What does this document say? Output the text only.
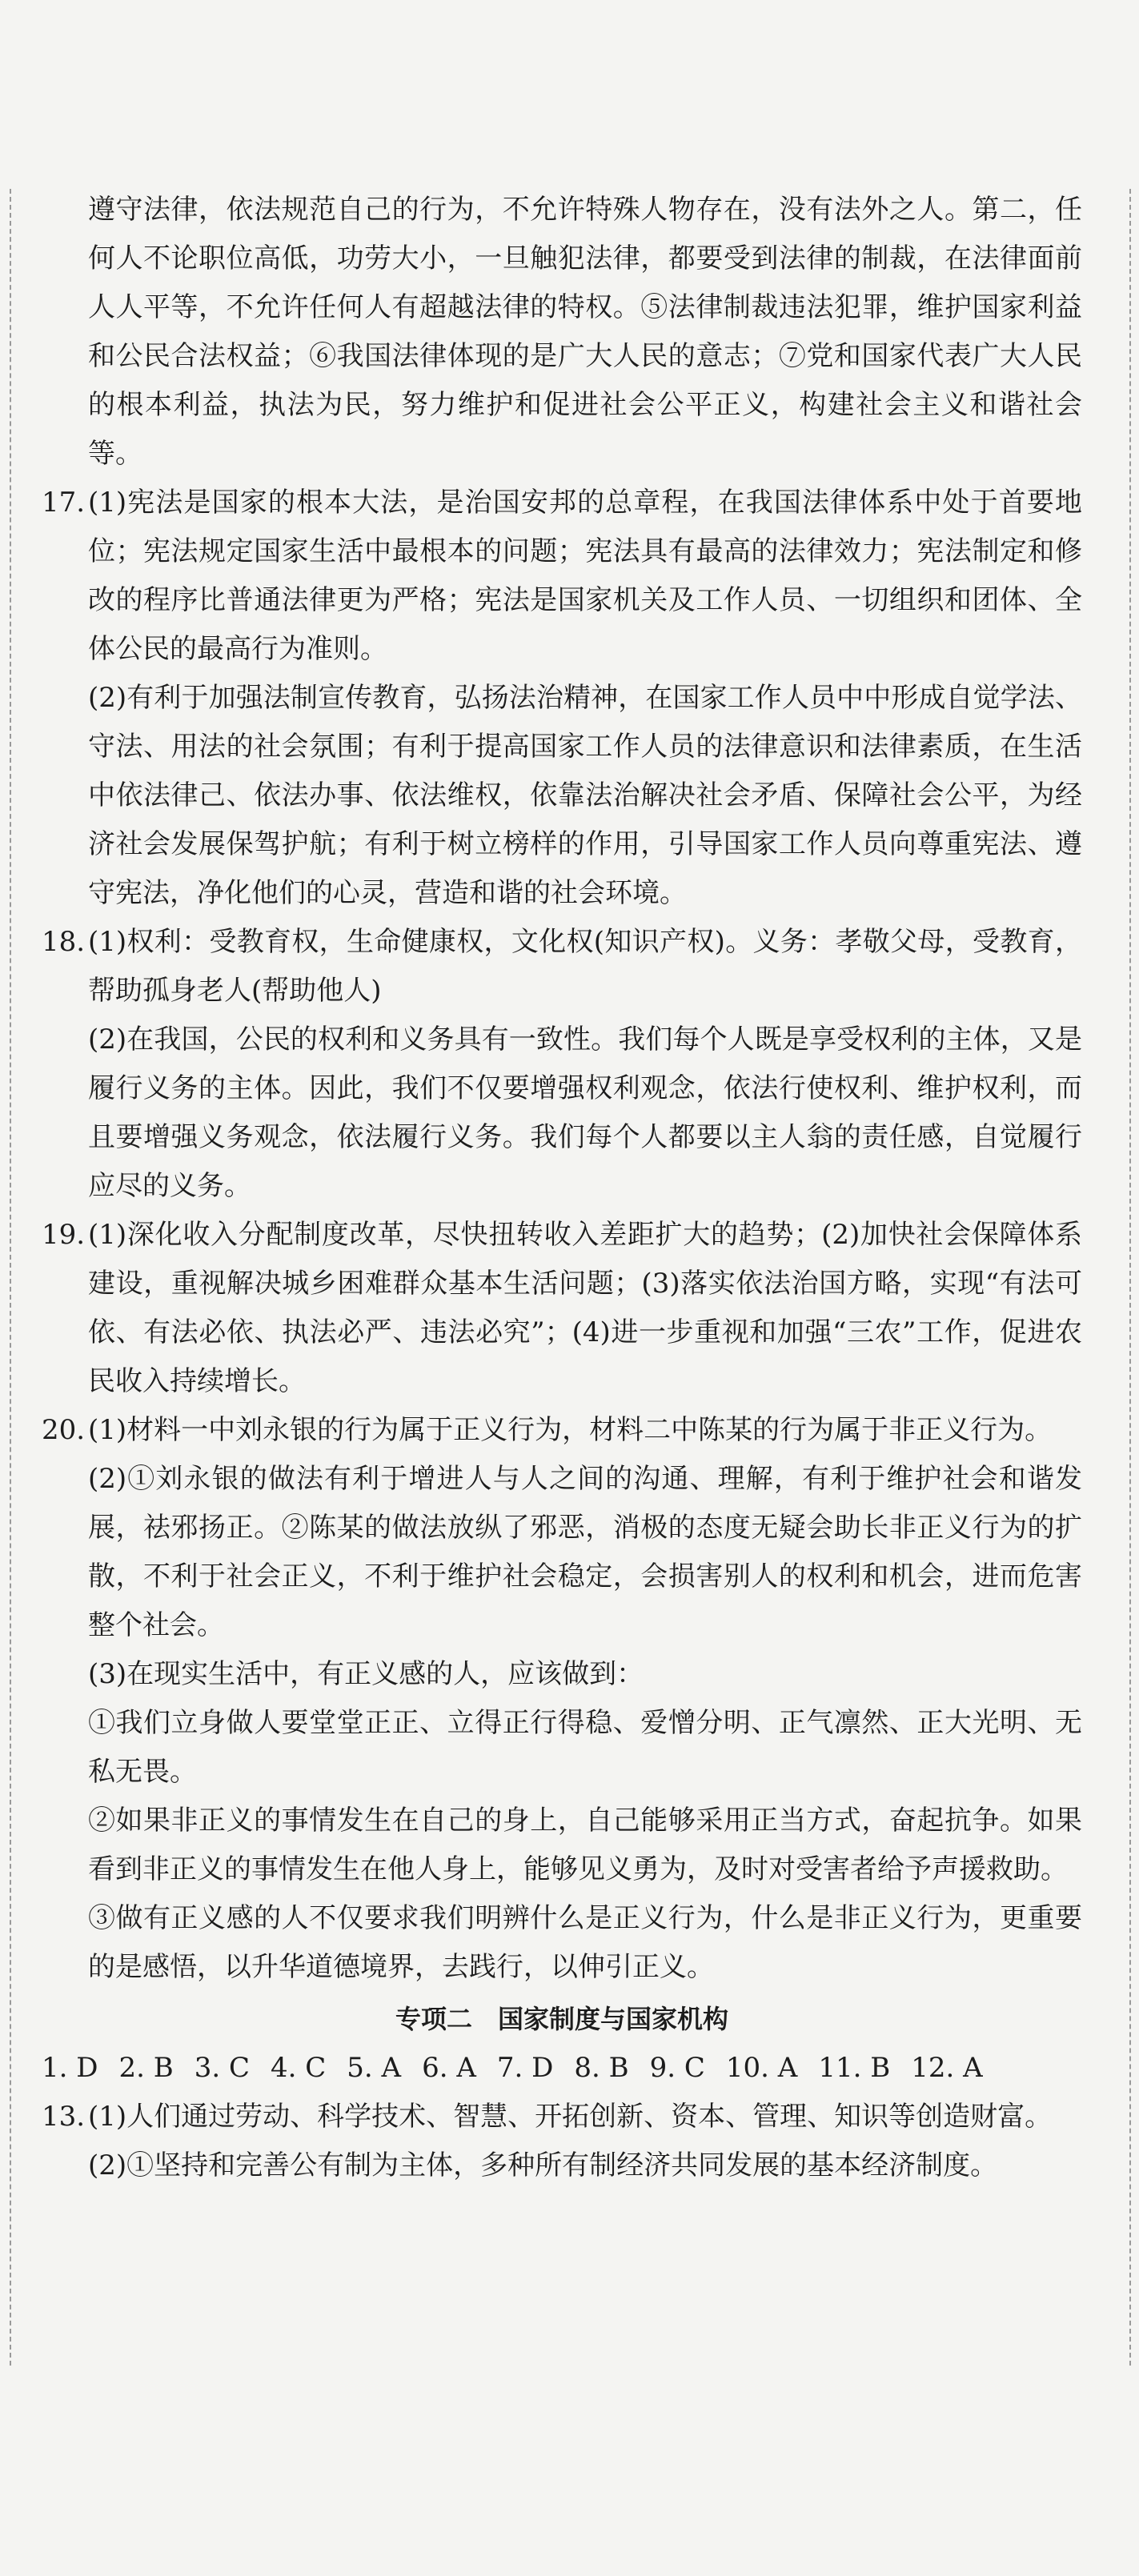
遵守法律，依法规范自己的行为，不允许特殊人物存在，没有法外之人。第二，任何人不论职位高低，功劳大小，一旦触犯法律，都要受到法律的制裁，在法律面前人人平等，不允许任何人有超越法律的特权。⑤法律制裁违法犯罪，维护国家利益和公民合法权益；⑥我国法律体现的是广大人民的意志；⑦党和国家代表广大人民的根本利益，执法为民，努力维护和促进社会公平正义，构建社会主义和谐社会等。

17. (1)宪法是国家的根本大法，是治国安邦的总章程，在我国法律体系中处于首要地位；宪法规定国家生活中最根本的问题；宪法具有最高的法律效力；宪法制定和修改的程序比普通法律更为严格；宪法是国家机关及工作人员、一切组织和团体、全体公民的最高行为准则。

(2)有利于加强法制宣传教育，弘扬法治精神，在国家工作人员中中形成自觉学法、守法、用法的社会氛围；有利于提高国家工作人员的法律意识和法律素质，在生活中依法律己、依法办事、依法维权，依靠法治解决社会矛盾、保障社会公平，为经济社会发展保驾护航；有利于树立榜样的作用，引导国家工作人员向尊重宪法、遵守宪法，净化他们的心灵，营造和谐的社会环境。

18. (1)权利：受教育权，生命健康权，文化权(知识产权)。义务：孝敬父母，受教育，帮助孤身老人(帮助他人)

(2)在我国，公民的权利和义务具有一致性。我们每个人既是享受权利的主体，又是履行义务的主体。因此，我们不仅要增强权利观念，依法行使权利、维护权利，而且要增强义务观念，依法履行义务。我们每个人都要以主人翁的责任感，自觉履行应尽的义务。

19. (1)深化收入分配制度改革，尽快扭转收入差距扩大的趋势；(2)加快社会保障体系建设，重视解决城乡困难群众基本生活问题；(3)落实依法治国方略，实现“有法可依、有法必依、执法必严、违法必究”；(4)进一步重视和加强“三农”工作，促进农民收入持续增长。

20. (1)材料一中刘永银的行为属于正义行为，材料二中陈某的行为属于非正义行为。

(2)①刘永银的做法有利于增进人与人之间的沟通、理解，有利于维护社会和谐发展，祛邪扬正。②陈某的做法放纵了邪恶，消极的态度无疑会助长非正义行为的扩散，不利于社会正义，不利于维护社会稳定，会损害别人的权利和机会，进而危害整个社会。

(3)在现实生活中，有正义感的人，应该做到：

①我们立身做人要堂堂正正、立得正行得稳、爱憎分明、正气凛然、正大光明、无私无畏。

②如果非正义的事情发生在自己的身上，自己能够采用正当方式，奋起抗争。如果看到非正义的事情发生在他人身上，能够见义勇为，及时对受害者给予声援救助。

③做有正义感的人不仅要求我们明辨什么是正义行为，什么是非正义行为，更重要的是感悟，以升华道德境界，去践行，以伸引正义。

专项二　国家制度与国家机构

1. D 2. B 3. C 4. C 5. A 6. A 7. D 8. B 9. C 10. A 11. B 12. A

13. (1)人们通过劳动、科学技术、智慧、开拓创新、资本、管理、知识等创造财富。

(2)①坚持和完善公有制为主体，多种所有制经济共同发展的基本经济制度。
